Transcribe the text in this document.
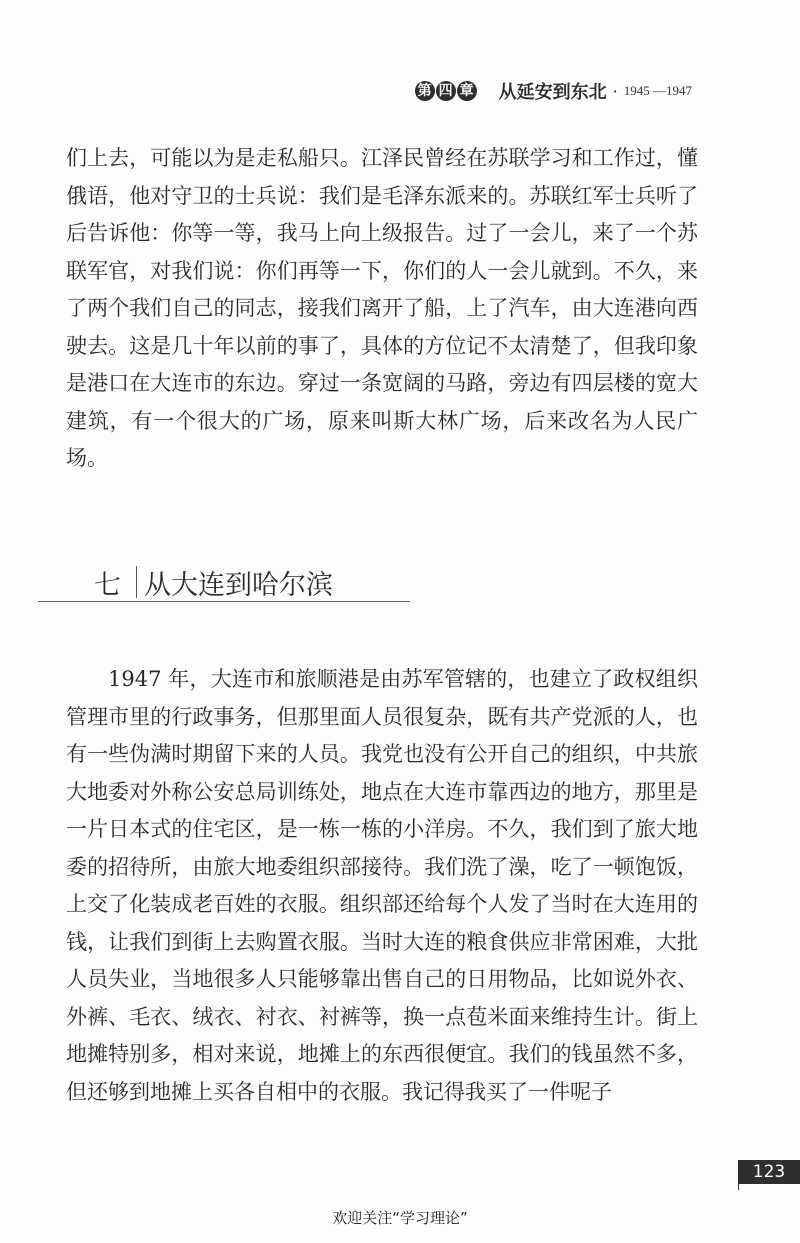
第 四 章 从延安到东北 · 1945 —1947

们上去，可能以为是走私船只。江泽民曾经在苏联学习和工作过，懂俄语，他对守卫的士兵说：我们是毛泽东派来的。苏联红军士兵听了后告诉他：你等一等，我马上向上级报告。过了一会儿，来了一个苏联军官，对我们说：你们再等一下，你们的人一会儿就到。不久，来了两个我们自己的同志，接我们离开了船，上了汽车，由大连港向西驶去。这是几十年以前的事了，具体的方位记不太清楚了，但我印象是港口在大连市的东边。穿过一条宽阔的马路，旁边有四层楼的宽大建筑，有一个很大的广场，原来叫斯大林广场，后来改名为人民广场。

七 从大连到哈尔滨

1947 年，大连市和旅顺港是由苏军管辖的，也建立了政权组织管理市里的行政事务，但那里面人员很复杂，既有共产党派的人，也有一些伪满时期留下来的人员。我党也没有公开自己的组织，中共旅大地委对外称公安总局训练处，地点在大连市靠西边的地方，那里是一片日本式的住宅区，是一栋一栋的小洋房。不久，我们到了旅大地委的招待所，由旅大地委组织部接待。我们洗了澡，吃了一顿饱饭，上交了化装成老百姓的衣服。组织部还给每个人发了当时在大连用的钱，让我们到街上去购置衣服。当时大连的粮食供应非常困难，大批人员失业，当地很多人只能够靠出售自己的日用物品，比如说外衣、外裤、毛衣、绒衣、衬衣、衬裤等，换一点苞米面来维持生计。街上地摊特别多，相对来说，地摊上的东西很便宜。我们的钱虽然不多，但还够到地摊上买各自相中的衣服。我记得我买了一件呢子

123
欢迎关注“学习理论”
